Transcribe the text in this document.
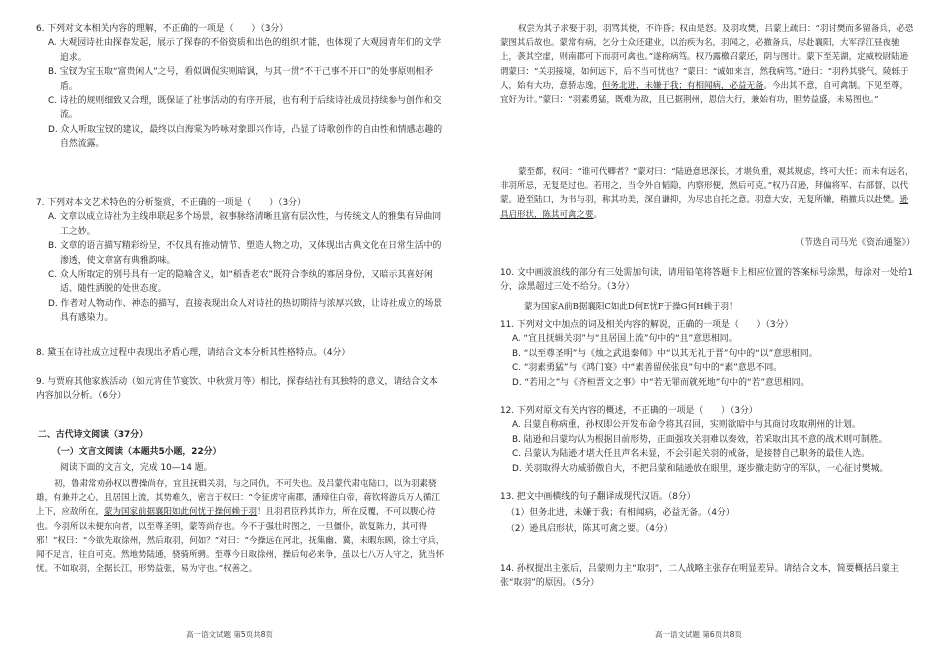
6. 下列对文本相关内容的理解，不正确的一项是（　　）（3分）

A. 大观园诗社由探春发起，展示了探春的不俗资质和出色的组织才能，也体现了大观园青年们的文学追求。

B. 宝钗为宝玉取“富贵闲人”之号，看似调侃实则暗讽，与其一贯“不干己事不开口”的处事原则相矛盾。

C. 诗社的规则细致又合理，既保证了社事活动的有序开展，也有利于后续诗社成员持续参与创作和交流。

D. 众人听取宝钗的建议，最终以白海棠为吟咏对象即兴作诗，凸显了诗歌创作的自由性和情感志趣的自然流露。

7. 下列对本文艺术特色的分析鉴赏，不正确的一项是（　　）（3分）

A. 文章以成立诗社为主线串联起多个场景，叙事脉络清晰且富有层次性，与传统文人的雅集有异曲同工之妙。

B. 文章的语言描写精彩纷呈，不仅具有推动情节、塑造人物之功，又体现出古典文化在日常生活中的渗透，使文章富有典雅韵味。

C. 众人所取定的别号具有一定的隐喻含义，如“稻香老农”既符合李纨的寡居身份，又暗示其喜好闲适、随性洒脱的处世态度。

D. 作者对人物动作、神态的描写，直接表现出众人对诗社的热切期待与浓厚兴致，让诗社成立的场景具有感染力。

8. 黛玉在诗社成立过程中表现出矛盾心理，请结合文本分析其性格特点。（4分）

9. 与贾府其他家族活动（如元宵佳节宴饮、中秋赏月等）相比，探春结社有其独特的意义，请结合文本内容加以分析。（6分）

二、古代诗文阅读（37分）

（一）文言文阅读（本题共5小题，22分）

阅读下面的文言文，完成 10—14 题。

初，鲁肃常劝孙权以曹操尚存，宜且抚辑关羽，与之同仇，不可失也。及吕蒙代肃屯陆口，以为羽素骁雄，有兼并之心，且居国上流，其势难久，密言于权曰：“令征虏守南郡，潘璋住白帝，蒋钦将游兵万人循江上下，应敌所在，蒙为国家前据襄阳如此何忧于操何赖于羽！且羽君臣矜其诈力，所在反覆，不可以腹心待也。今羽所以未便东向者，以至尊圣明，蒙等尚存也。今不于强壮时图之，一旦僵仆，欲复陈力，其可得邪！”权曰：“今欲先取徐州，然后取羽，何如？”对曰：“今操远在河北，抚集幽、冀，未暇东顾，徐土守兵，闻不足言，往自可克。然地势陆通，骁骑所骋。至尊今日取徐州，操后旬必来争，虽以七八万人守之，犹当怀忧。不如取羽，全据长江，形势益张，易为守也。”权善之。

高一语文试题 第5页共8页

权尝为其子求娶于羽，羽骂其使，不许昏；权由是怒。及羽攻樊，吕蒙上疏曰：“羽讨樊而多留备兵，必恐蒙图其后故也。蒙常有病，乞分士众还建业，以治疾为名，羽闻之，必撤备兵，尽赴襄阳，大军浮江昼夜驰上，袭其空虚，则南郡可下而羽可禽也。”遂称病笃。权乃露檄召蒙还，阴与图计。蒙下至芜湖，定威校尉陆逊谓蒙曰：“关羽接境，如何远下，后不当可忧也？”蒙曰：“诚如来言，然我病笃。”逊曰：“羽矜其骁气，陵轹于人，始有大功，意骄志逸，但务北进，未嫌于我；有相闻病，必益无备。今出其不意，自可禽制。下见至尊，宜好为计。”蒙曰：“羽素勇猛，既难为敌，且已据荆州，恩信大行，兼始有功，胆势益盛，未易图也。”

蒙至都，权问：“谁可代卿者？”蒙对曰：“陆逊意思深长，才堪负重，观其规虑，终可大任；而未有远名，非羽所忌，无复是过也。若用之，当令外自韬隐，内察形便，然后可克。”权乃召逊，拜偏将军、右部督，以代蒙。逊至陆口，为书与羽，称其功美，深自谦抑，为尽忠自托之意。羽意大安，无复所嫌，稍撤兵以赴樊。逊具启形状，陈其可禽之要。

（节选自司马光《资治通鉴》）

10. 文中画波浪线的部分有三处需加句读，请用铅笔将答题卡上相应位置的答案标号涂黑，每涂对一处给1分，涂黑超过三处不给分。（3分）

蒙为国家A前B据襄阳C如此D何E忧F于操G何H赖于羽！

11. 下列对文中加点的词及相关内容的解说，正确的一项是（　　）（3分）

A. “宜且抚辑关羽”与“且居国上流”句中的“且”意思相同。

B. “以至尊圣明”与《烛之武退秦师》中“以其无礼于晋”句中的“以”意思相同。

C. “羽素勇猛”与《鸿门宴》中“素善留侯张良”句中的“素”意思不同。

D. “若用之”与《齐桓晋文之事》中“若无罪而就死地”句中的“若”意思相同。

12. 下列对原文有关内容的概述，不正确的一项是（　　）（3分）

A. 吕蒙自称病重，孙权即公开发布命令将其召回，实则欲暗中与其商讨攻取荆州的计划。

B. 陆逊和吕蒙均认为根据目前形势，正面强攻关羽难以奏效，若采取出其不意的战术则可制胜。

C. 吕蒙认为陆逊才堪大任且声名未显，不会引起关羽的戒备，是接替自己职务的最佳人选。

D. 关羽取得大功威骄傲自大，不把吕蒙和陆逊放在眼里，逐步撤走防守的军队，一心征讨樊城。

13. 把文中画横线的句子翻译成现代汉语。（8分）

（1）但务北进，未嫌于我；有相闻病，必益无备。（4分）

（2）逊具启形状，陈其可禽之要。（4分）

14. 孙权提出主张后，吕蒙则力主“取羽”，二人战略主张存在明显差异。请结合文本，简要概括吕蒙主张“取羽”的原因。（5分）

高一语文试题 第6页共8页
